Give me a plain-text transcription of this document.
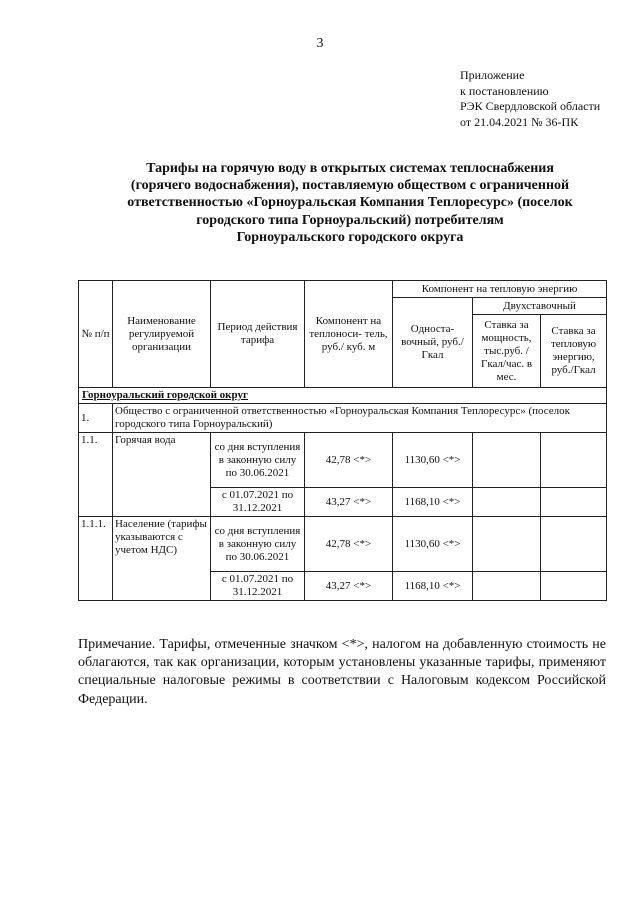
3
Приложение
к постановлению
РЭК Свердловской области
от 21.04.2021 № 36-ПК
Тарифы на горячую воду в открытых системах теплоснабжения
(горячего водоснабжения), поставляемую обществом с ограниченной
ответственностью «Горноуральская Компания Теплоресурс» (поселок
городского типа Горноуральский) потребителям
Горноуральского городского округа
№ п/п	Наименование регулируемой организации	Период действия тарифа	Компонент на теплоноси- тель, руб./ куб. м	Компонент на тепловую энергию		
				Односта- вочный, руб./Гкал	Двухставочный	
					Ставка за мощность, тыс.руб. /Гкал/час. в мес.	Ставка за тепловую энергию, руб./Гкал
Горноуральский городской округ						
1.	Общество с ограниченной ответственностью «Горноуральская Компания Теплоресурс» (поселок городского типа Горноуральский)					
1.1.	Горячая вода	со дня вступления в законную силу по 30.06.2021	42,78 <*>	1130,60 <*>		
		с 01.07.2021 по 31.12.2021	43,27 <*>	1168,10 <*>		
1.1.1.	Население (тарифы указываются с учетом НДС)	со дня вступления в законную силу по 30.06.2021	42,78 <*>	1130,60 <*>		
		с 01.07.2021 по 31.12.2021	43,27 <*>	1168,10 <*>		
Примечание. Тарифы, отмеченные значком <*>, налогом на добавленную стоимость не облагаются, так как организации, которым установлены указанные тарифы, применяют специальные налоговые режимы в соответствии с Налоговым кодексом Российской Федерации.
